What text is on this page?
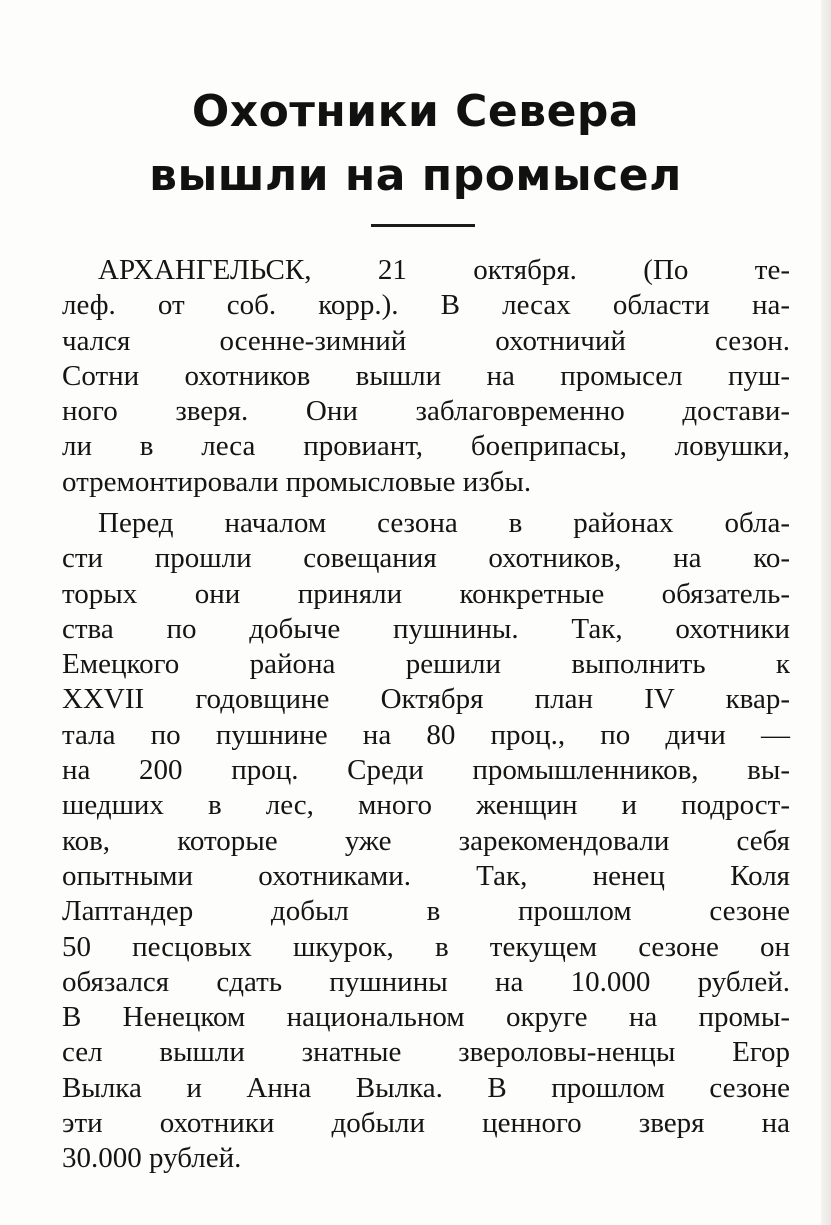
Охотники Севера
вышли на промысел
АРХАНГЕЛЬСК, 21 октября. (По те-
леф. от соб. корр.). В лесах области на-
чался осенне-зимний охотничий сезон.
Сотни охотников вышли на промысел пуш-
ного зверя. Они заблаговременно достави-
ли в леса провиант, боеприпасы, ловушки,
отремонтировали промысловые избы.
Перед началом сезона в районах обла-
сти прошли совещания охотников, на ко-
торых они приняли конкретные обязатель-
ства по добыче пушнины. Так, охотники
Емецкого района решили выполнить к
XXVII годовщине Октября план IV квар-
тала по пушнине на 80 проц., по дичи —
на 200 проц. Среди промышленников, вы-
шедших в лес, много женщин и подрост-
ков, которые уже зарекомендовали себя
опытными охотниками. Так, ненец Коля
Лаптандер добыл в прошлом сезоне
50 песцовых шкурок, в текущем сезоне он
обязался сдать пушнины на 10.000 рублей.
В Ненецком национальном округе на промы-
сел вышли знатные звероловы-ненцы Егор
Вылка и Анна Вылка. В прошлом сезоне
эти охотники добыли ценного зверя на
30.000 рублей.
